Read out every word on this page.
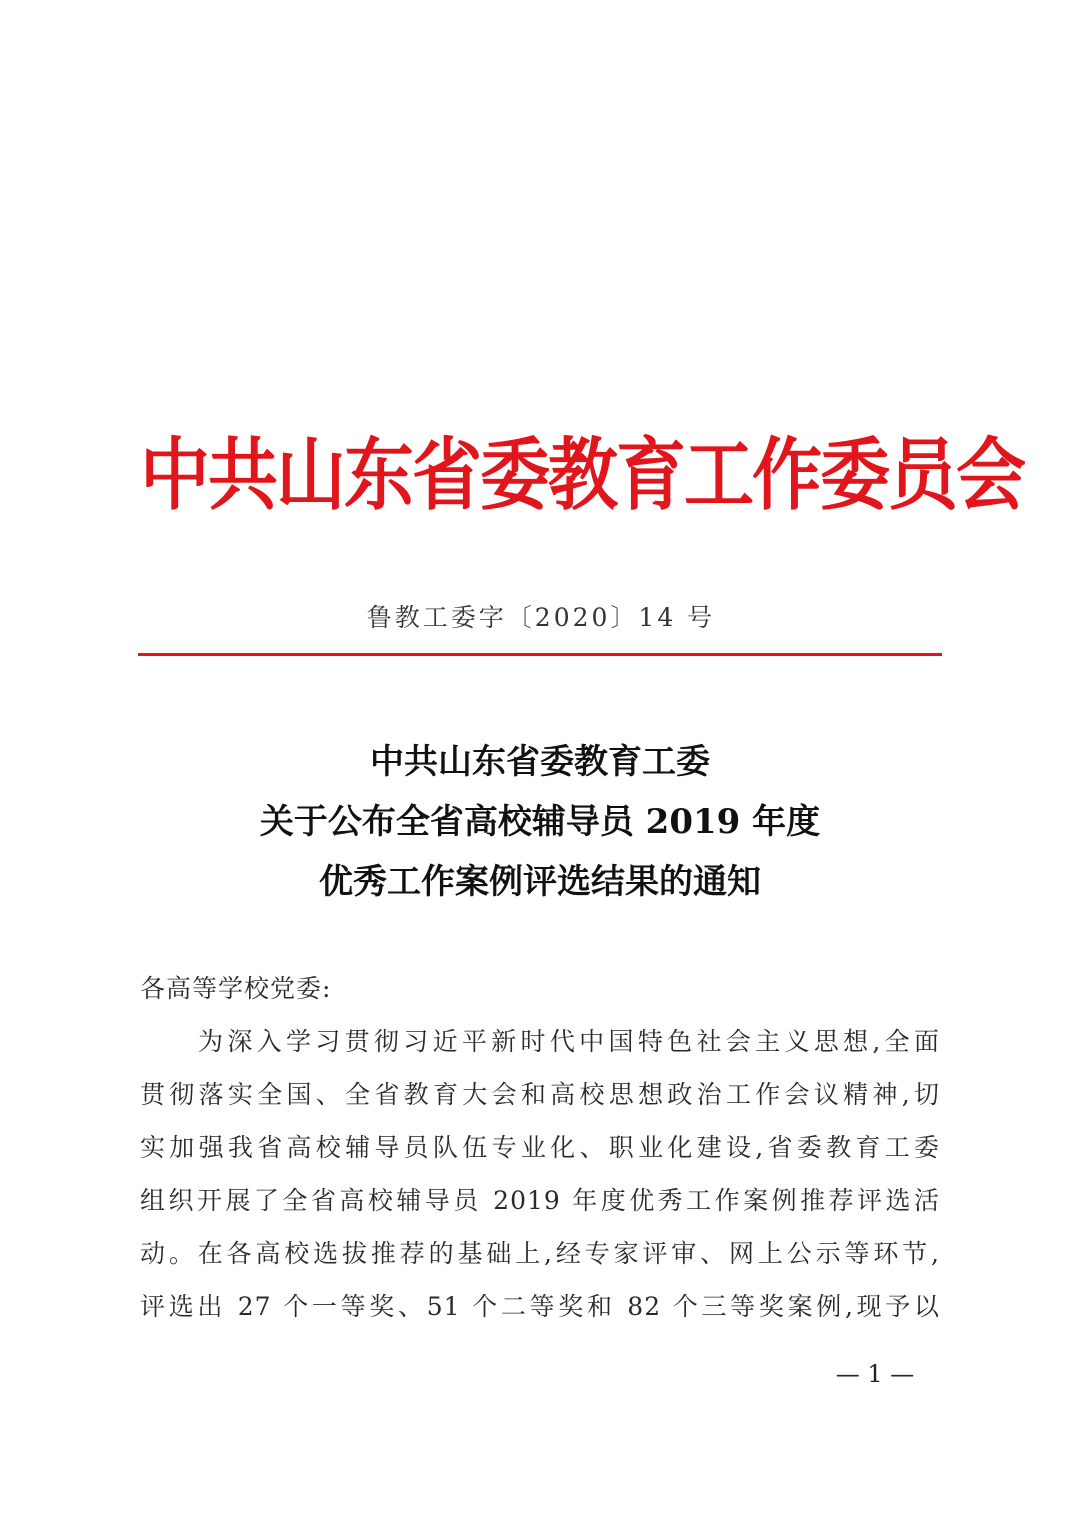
中共山东省委教育工作委员会
鲁教工委字〔2020〕14 号
中共山东省委教育工委
关于公布全省高校辅导员 2019 年度
优秀工作案例评选结果的通知
各高等学校党委:
为深入学习贯彻习近平新时代中国特色社会主义思想,全面
贯彻落实全国、全省教育大会和高校思想政治工作会议精神,切
实加强我省高校辅导员队伍专业化、职业化建设,省委教育工委
组织开展了全省高校辅导员 2019 年度优秀工作案例推荐评选活
动。在各高校选拔推荐的基础上,经专家评审、网上公示等环节,
评选出 27 个一等奖、51 个二等奖和 82 个三等奖案例,现予以
— 1 —
